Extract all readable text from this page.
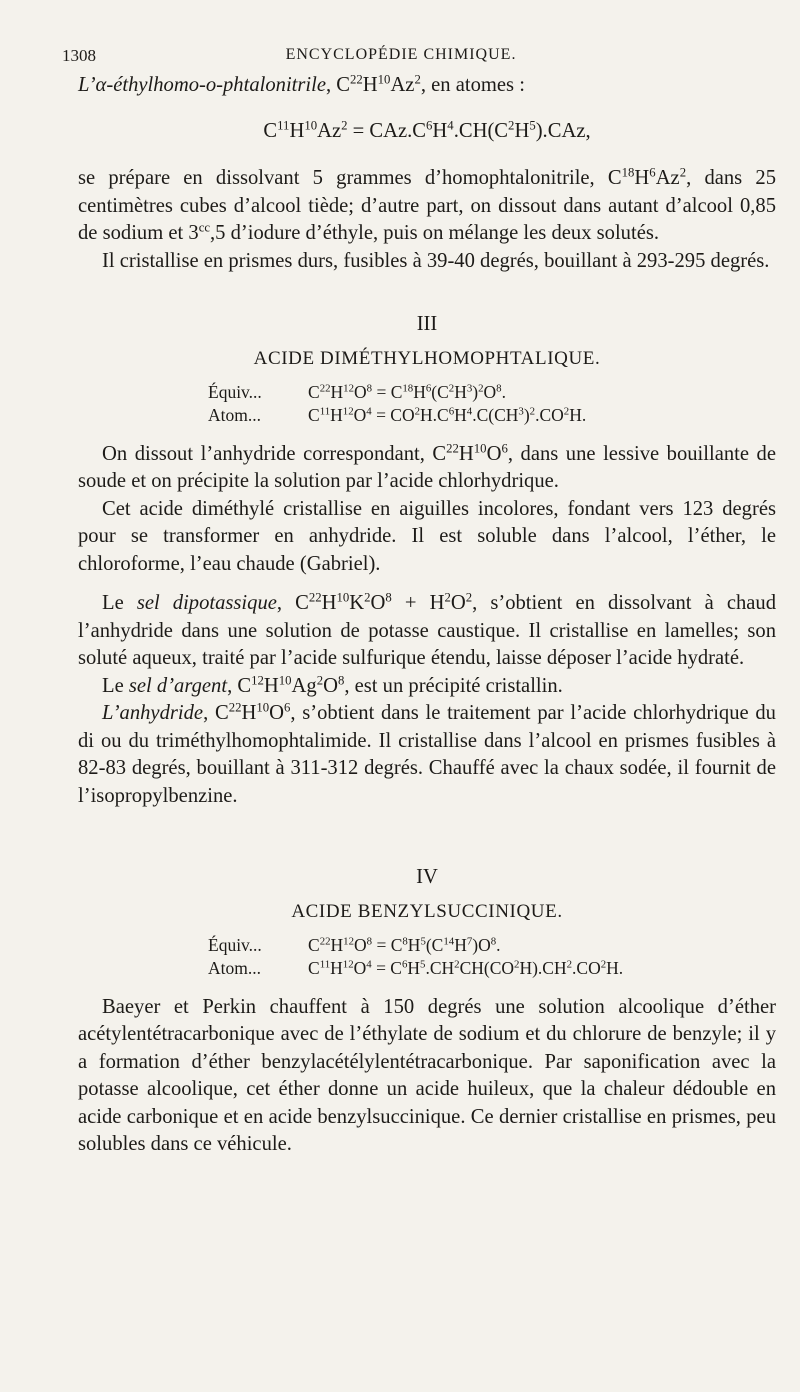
1308	ENCYCLOPÉDIE CHIMIQUE.

L’α-éthylhomo-o-phtalonitrile, $C^{22}H^{10}Az^2$, en atomes :

$C^{11}H^{10}Az^2 = CAz.C^6H^4.CH(C^2H^5).CAz$,

se prépare en dissolvant 5 grammes d’homophtalonitrile, $C^{18}H^6Az^2$, dans 25 centimètres cubes d’alcool tiède; d’autre part, on dissout dans autant d’alcool 0,85 de sodium et $3^{cc},5$ d’iodure d’éthyle, puis on mélange les deux solutés.

Il cristallise en prismes durs, fusibles à 39-40 degrés, bouillant à 293-295 degrés.

III
ACIDE DIMÉTHYLHOMOPHTALIQUE.
Équiv...	$C^{22}H^{12}O^8 = C^{18}H^6(C^2H^3)^2O^8$.
Atom...	$C^{11}H^{12}O^4 = CO^2H.C^6H^4.C(CH^3)^2.CO^2H$.

On dissout l’anhydride correspondant, $C^{22}H^{10}O^6$, dans une lessive bouillante de soude et on précipite la solution par l’acide chlorhydrique.

Cet acide diméthylé cristallise en aiguilles incolores, fondant vers 123 degrés pour se transformer en anhydride. Il est soluble dans l’alcool, l’éther, le chloroforme, l’eau chaude (Gabriel).

Le sel dipotassique, $C^{22}H^{10}K^2O^8 + H^2O^2$, s’obtient en dissolvant à chaud l’anhydride dans une solution de potasse caustique. Il cristallise en lamelles; son soluté aqueux, traité par l’acide sulfurique étendu, laisse déposer l’acide hydraté.

Le sel d’argent, $C^{12}H^{10}Ag^2O^8$, est un précipité cristallin.

L’anhydride, $C^{22}H^{10}O^6$, s’obtient dans le traitement par l’acide chlorhydrique du di ou du triméthylhomophtalimide. Il cristallise dans l’alcool en prismes fusibles à 82-83 degrés, bouillant à 311-312 degrés. Chauffé avec la chaux sodée, il fournit de l’isopropylbenzine.

IV
ACIDE BENZYLSUCCINIQUE.
Équiv...	$C^{22}H^{12}O^8 = C^8H^5(C^{14}H^7)O^8$.
Atom...	$C^{11}H^{12}O^4 = C^6H^5.CH^2CH(CO^2H).CH^2.CO^2H$.

Baeyer et Perkin chauffent à 150 degrés une solution alcoolique d’éther acétylentétracarbonique avec de l’éthylate de sodium et du chlorure de benzyle; il y a formation d’éther benzylacétélylentétracarbonique. Par saponification avec la potasse alcoolique, cet éther donne un acide huileux, que la chaleur dédouble en acide carbonique et en acide benzylsuccinique. Ce dernier cristallise en prismes, peu solubles dans ce véhicule.
